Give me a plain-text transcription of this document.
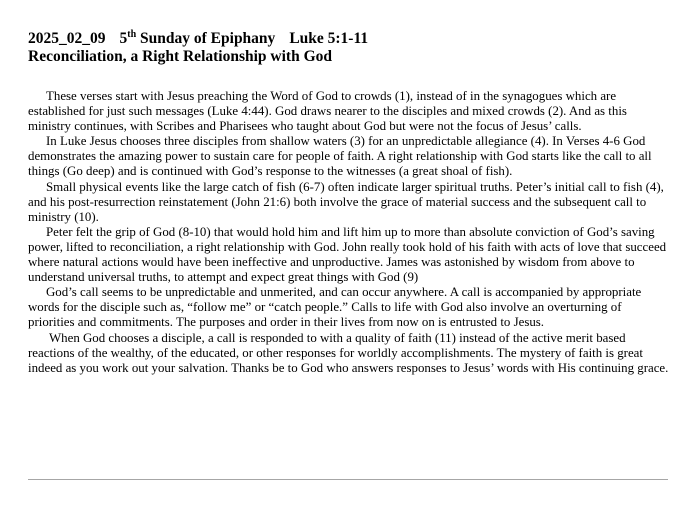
2025_02_09 5th Sunday of Epiphany Luke 5:1-11
Reconciliation, a Right Relationship with God

These verses start with Jesus preaching the Word of God to crowds (1), instead of in the synagogues which are established for just such messages (Luke 4:44). God draws nearer to the disciples and mixed crowds (2). And as this ministry continues, with Scribes and Pharisees who taught about God but were not the focus of Jesus’ calls.

In Luke Jesus chooses three disciples from shallow waters (3) for an unpredictable allegiance (4). In Verses 4-6 God demonstrates the amazing power to sustain care for people of faith. A right relationship with God starts like the call to all things (Go deep) and is continued with God’s response to the witnesses (a great shoal of fish).

Small physical events like the large catch of fish (6-7) often indicate larger spiritual truths. Peter’s initial call to fish (4), and his post-resurrection reinstatement (John 21:6) both involve the grace of material success and the subsequent call to ministry (10).

Peter felt the grip of God (8-10) that would hold him and lift him up to more than absolute conviction of God’s saving power, lifted to reconciliation, a right relationship with God. John really took hold of his faith with acts of love that succeed where natural actions would have been ineffective and unproductive. James was astonished by wisdom from above to understand universal truths, to attempt and expect great things with God (9)

God’s call seems to be unpredictable and unmerited, and can occur anywhere. A call is accompanied by appropriate words for the disciple such as, “follow me” or “catch people.” Calls to life with God also involve an overturning of priorities and commitments. The purposes and order in their lives from now on is entrusted to Jesus.

When God chooses a disciple, a call is responded to with a quality of faith (11) instead of the active merit based reactions of the wealthy, of the educated, or other responses for worldly accomplishments. The mystery of faith is great indeed as you work out your salvation. Thanks be to God who answers responses to Jesus’ words with His continuing grace.
